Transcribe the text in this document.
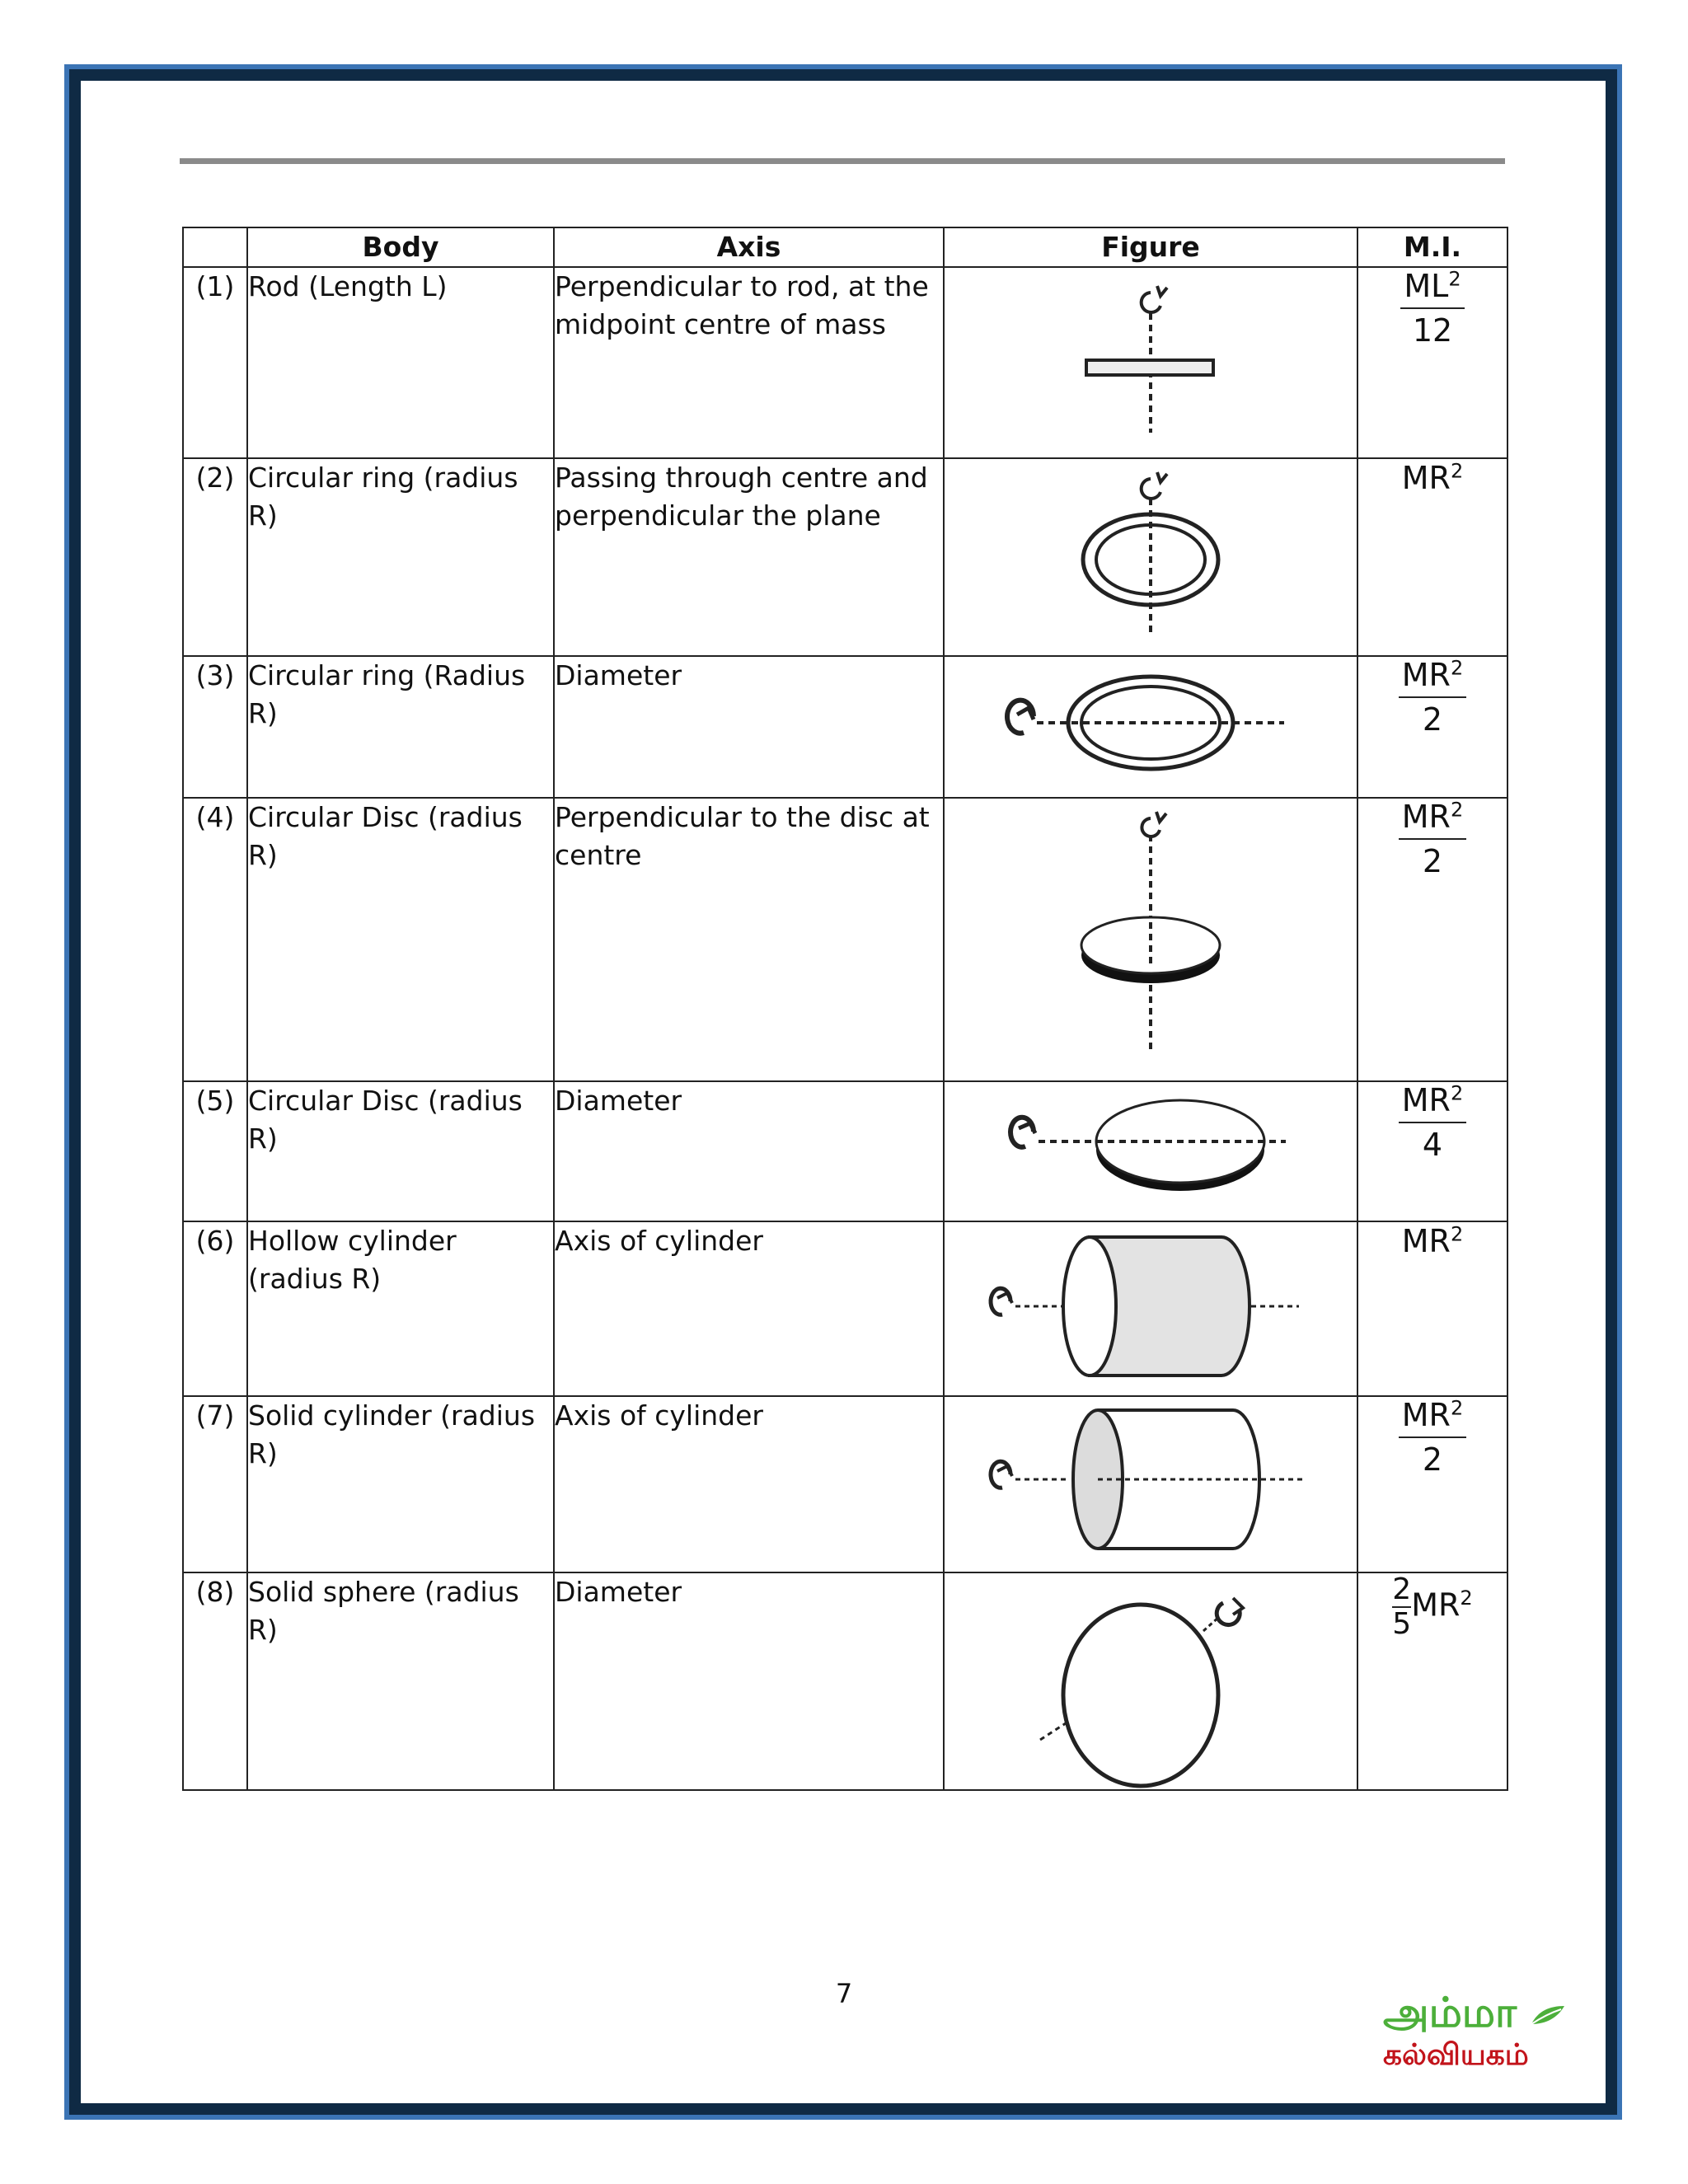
	Body	Axis	Figure	M.I.
(1)	Rod (Length L)	Perpendicular to rod, at the midpoint centre of mass		$\frac{ML^2}{12}$

(2)	Circular ring (radius R)	Passing through centre and perpendicular the plane		$MR^2$
(3)	Circular ring (Radius R)	Diameter		$\frac{MR^2}{2}$

(4)	Circular Disc (radius R)	Perpendicular to the disc at centre		$\frac{MR^2}{2}$

(5)	Circular Disc (radius R)	Diameter		$\frac{MR^2}{4}$

(6)	Hollow cylinder (radius R)	Axis of cylinder		$MR^2$
(7)	Solid cylinder (radius R)	Axis of cylinder		$\frac{MR^2}{2}$

(8)	Solid sphere (radius R)	Diameter		$\frac{2}{5} MR^2$
7	அம்மா
கல்வியகம்
